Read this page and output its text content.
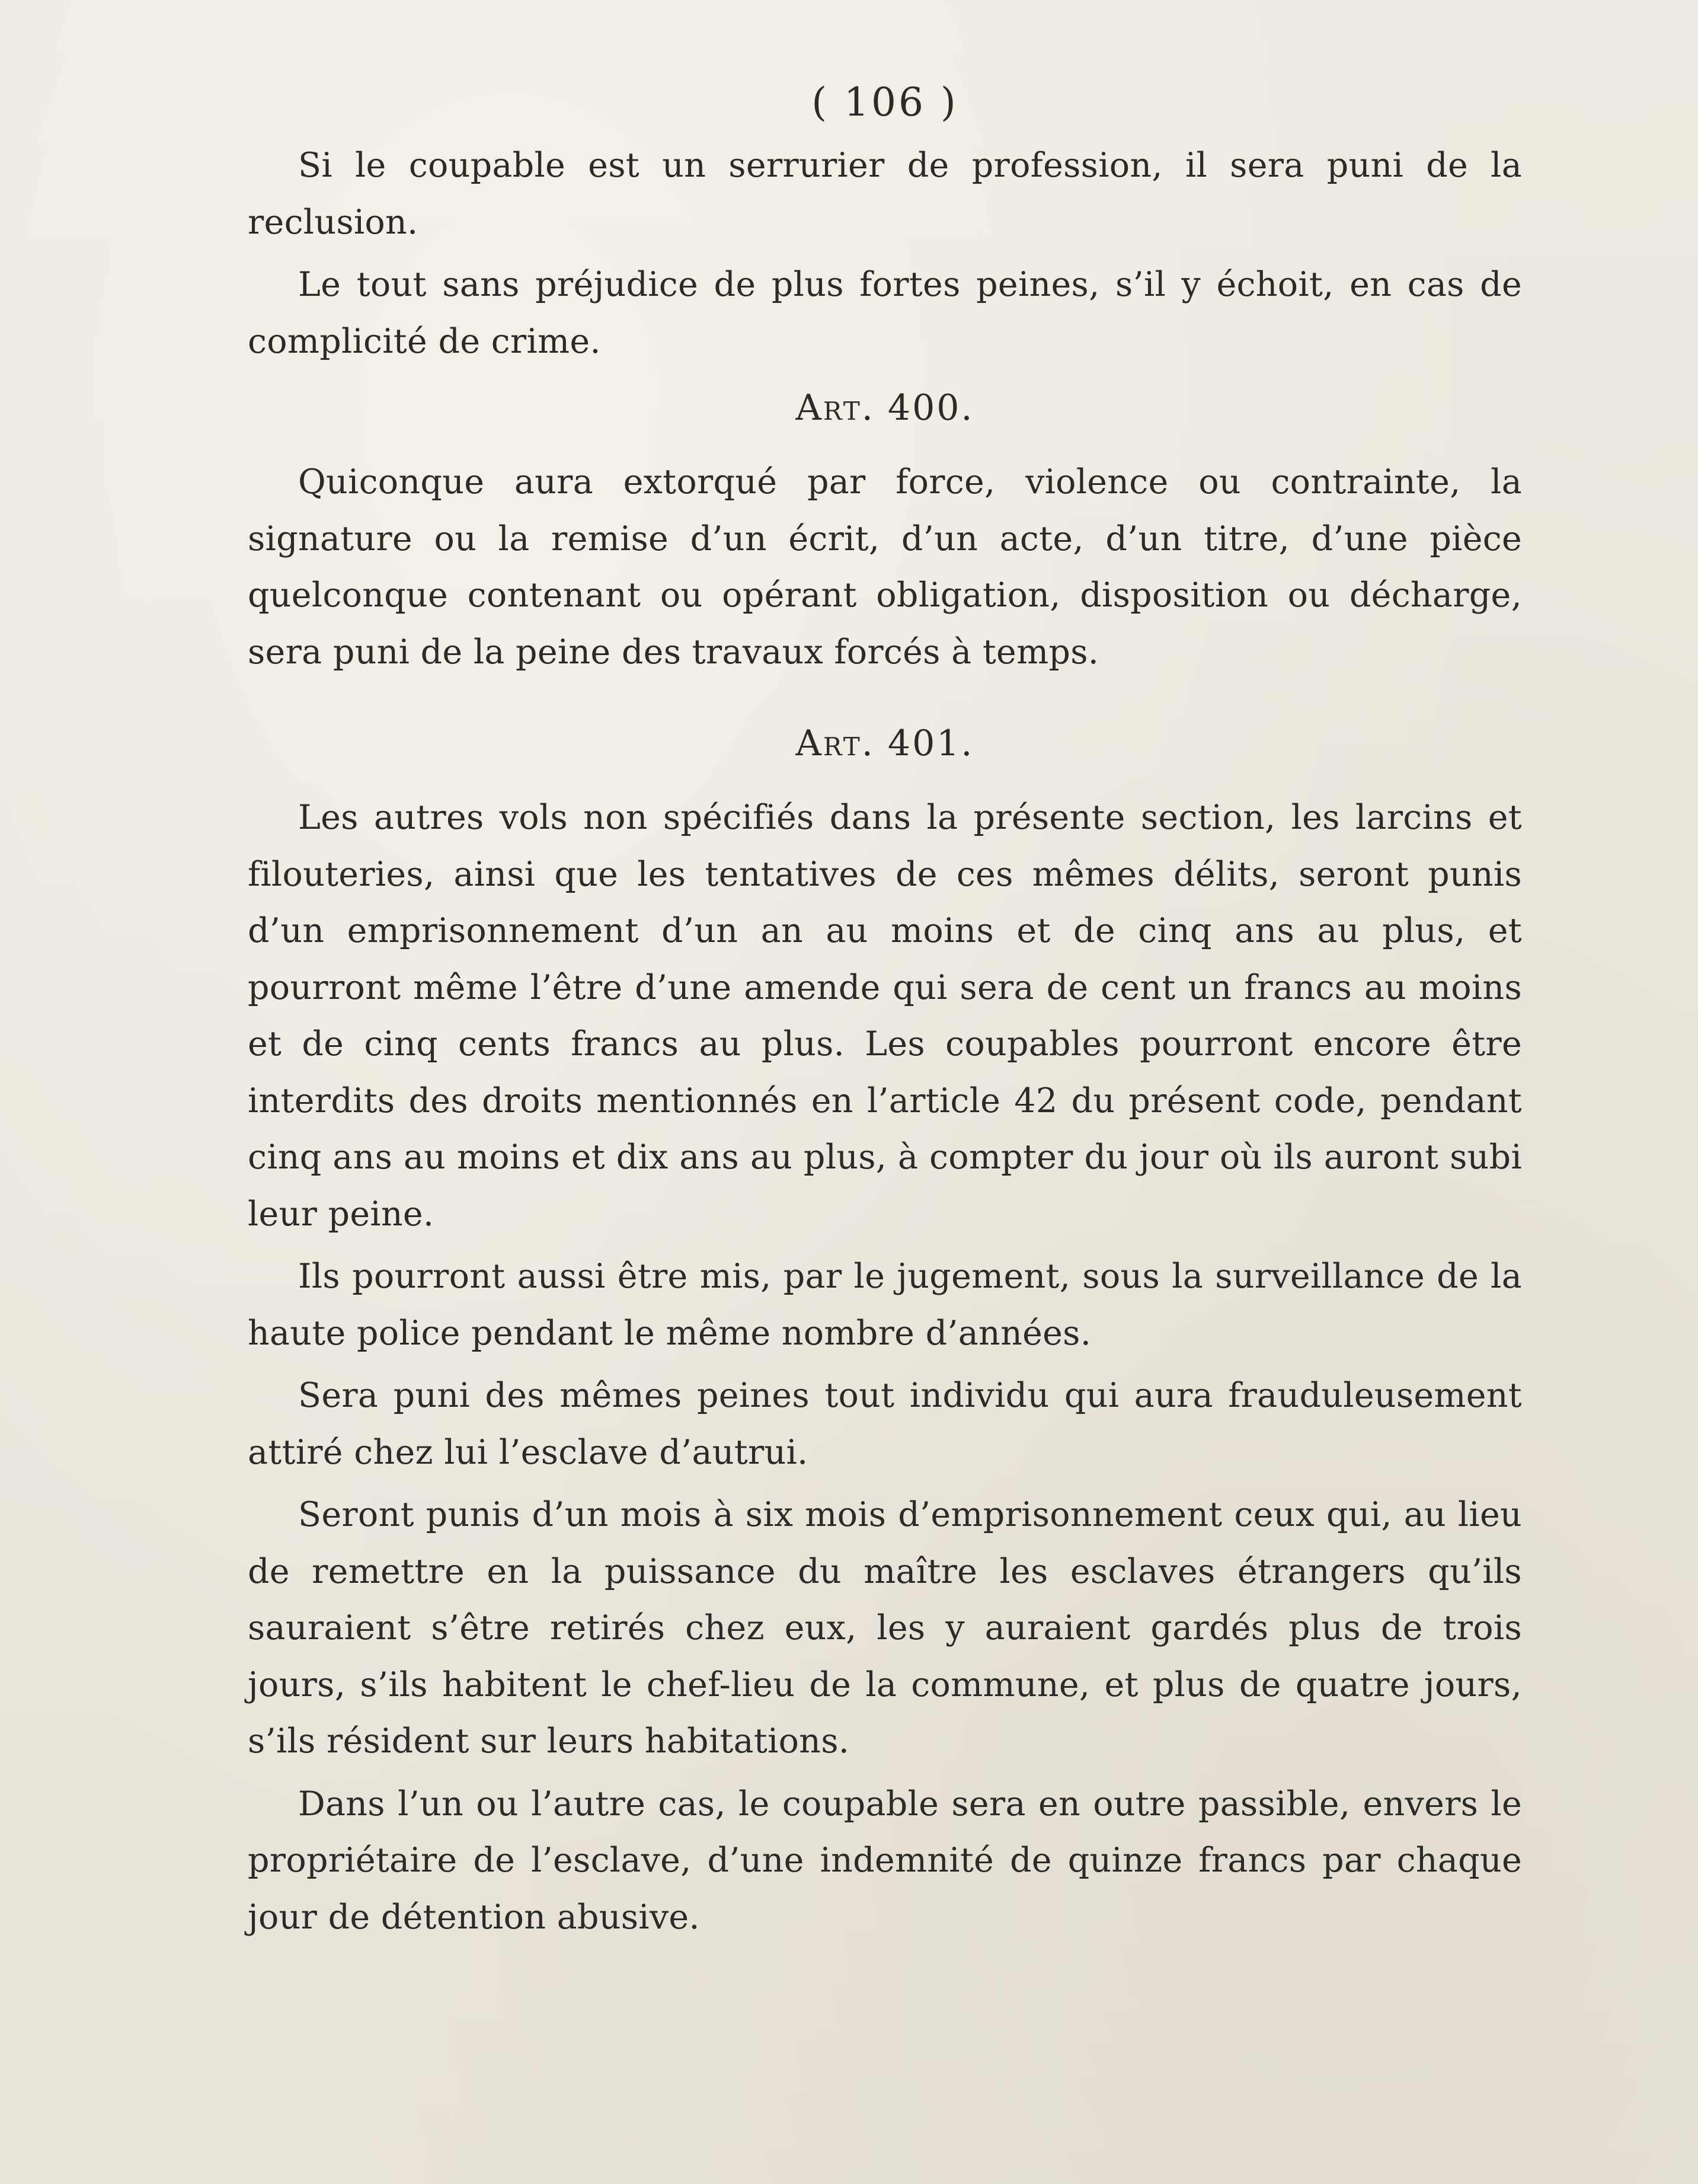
( 106 )

Si le coupable est un serrurier de profession, il sera puni de la reclusion.

Le tout sans préjudice de plus fortes peines, s’il y échoit, en cas de complicité de crime.

Art. 400.

Quiconque aura extorqué par force, violence ou contrainte, la signature ou la remise d’un écrit, d’un acte, d’un titre, d’une pièce quelconque contenant ou opérant obligation, disposition ou décharge, sera puni de la peine des travaux forcés à temps.

Art. 401.

Les autres vols non spécifiés dans la présente section, les larcins et filouteries, ainsi que les tentatives de ces mêmes délits, seront punis d’un emprisonnement d’un an au moins et de cinq ans au plus, et pourront même l’être d’une amende qui sera de cent un francs au moins et de cinq cents francs au plus. Les coupables pourront encore être interdits des droits mentionnés en l’article 42 du présent code, pendant cinq ans au moins et dix ans au plus, à compter du jour où ils auront subi leur peine.

Ils pourront aussi être mis, par le jugement, sous la surveillance de la haute police pendant le même nombre d’années.

Sera puni des mêmes peines tout individu qui aura frauduleusement attiré chez lui l’esclave d’autrui.

Seront punis d’un mois à six mois d’emprisonnement ceux qui, au lieu de remettre en la puissance du maître les esclaves étrangers qu’ils sauraient s’être retirés chez eux, les y auraient gardés plus de trois jours, s’ils habitent le chef-lieu de la commune, et plus de quatre jours, s’ils résident sur leurs habitations.

Dans l’un ou l’autre cas, le coupable sera en outre passible, envers le propriétaire de l’esclave, d’une indemnité de quinze francs par chaque jour de détention abusive.
